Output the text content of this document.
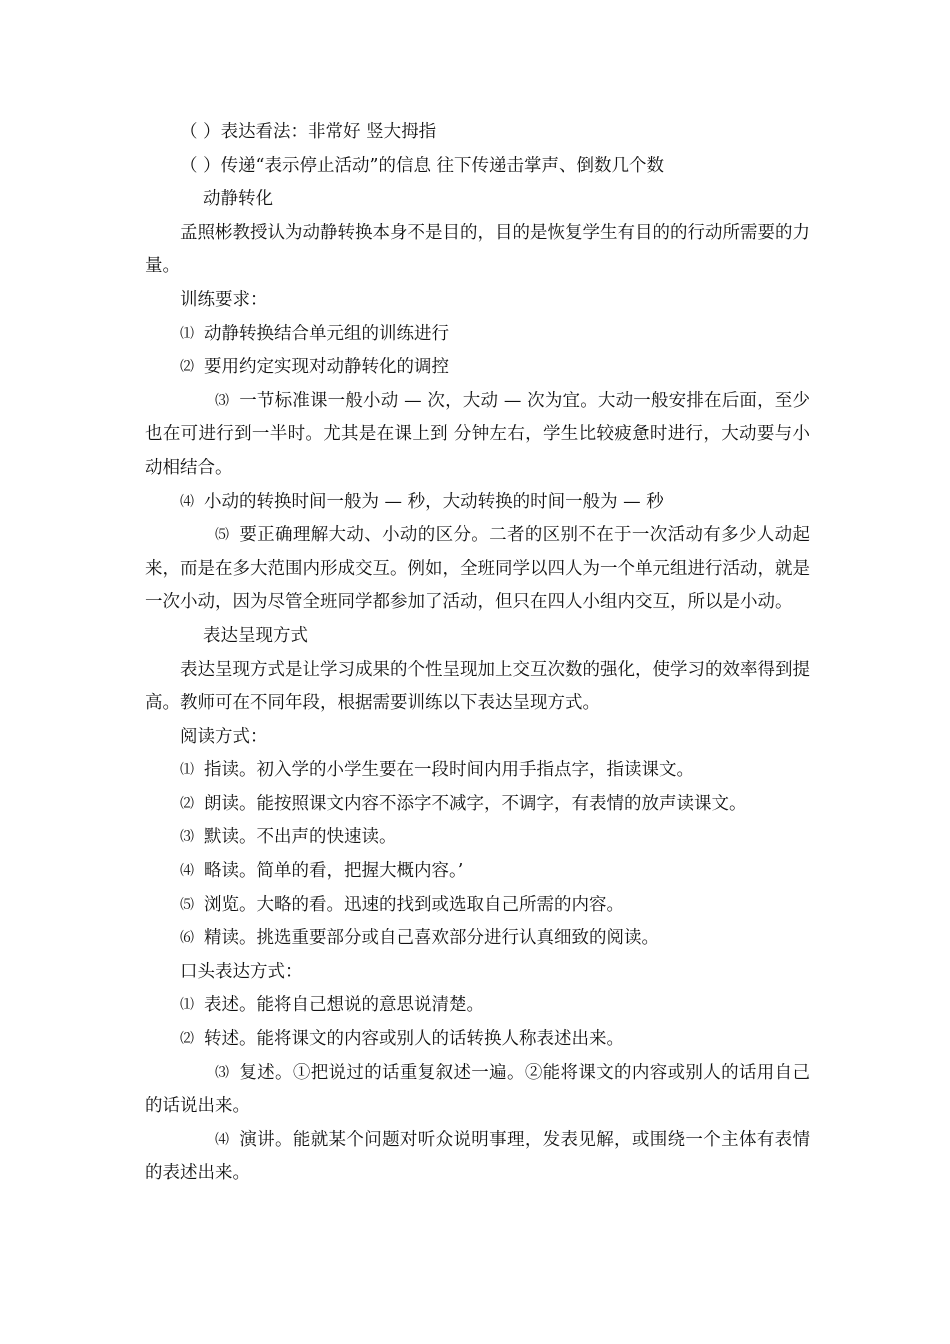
（ ）表达看法：非常好 竖大拇指

（ ）传递“表示停止活动”的信息 往下传递击掌声、倒数几个数

动静转化

孟照彬教授认为动静转换本身不是目的，目的是恢复学生有目的的行动所需要的力量。

训练要求：

⑴ 动静转换结合单元组的训练进行

⑵ 要用约定实现对动静转化的调控

⑶ 一节标准课一般小动 — 次，大动 — 次为宜。大动一般安排在后面，至少也在可进行到一半时。尤其是在课上到 分钟左右，学生比较疲惫时进行，大动要与小动相结合。

⑷ 小动的转换时间一般为 — 秒，大动转换的时间一般为 — 秒

⑸ 要正确理解大动、小动的区分。二者的区别不在于一次活动有多少人动起来，而是在多大范围内形成交互。例如，全班同学以四人为一个单元组进行活动，就是一次小动，因为尽管全班同学都参加了活动，但只在四人小组内交互，所以是小动。

表达呈现方式

表达呈现方式是让学习成果的个性呈现加上交互次数的强化，使学习的效率得到提高。教师可在不同年段，根据需要训练以下表达呈现方式。

阅读方式：

⑴ 指读。初入学的小学生要在一段时间内用手指点字，指读课文。

⑵ 朗读。能按照课文内容不添字不减字，不调字，有表情的放声读课文。

⑶ 默读。不出声的快速读。

⑷ 略读。简单的看，把握大概内容。’

⑸ 浏览。大略的看。迅速的找到或选取自己所需的内容。

⑹ 精读。挑选重要部分或自己喜欢部分进行认真细致的阅读。

口头表达方式：

⑴ 表述。能将自己想说的意思说清楚。

⑵ 转述。能将课文的内容或别人的话转换人称表述出来。

⑶ 复述。①把说过的话重复叙述一遍。②能将课文的内容或别人的话用自己的话说出来。

⑷ 演讲。能就某个问题对听众说明事理，发表见解，或围绕一个主体有表情的表述出来。
